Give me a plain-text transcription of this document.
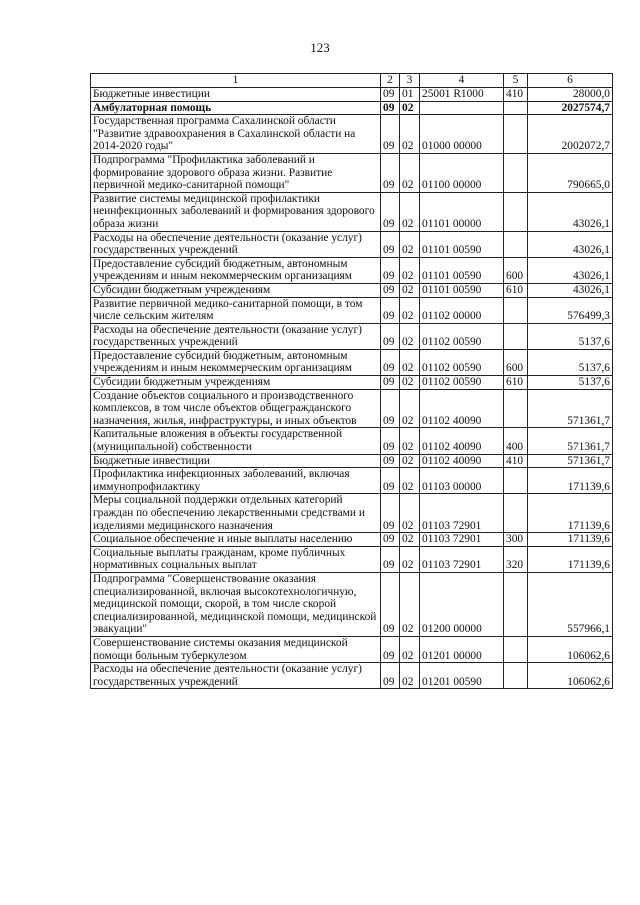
123
1	2	3	4	5	6
Бюджетные инвестиции	09	01	25001 R1000	410	28000,0
Амбулаторная помощь	09	02			2027574,7
Государственная программа Сахалинской области "Развитие здравоохранения в Сахалинской области на 2014-2020 годы"	09	02	01000 00000		2002072,7
Подпрограмма "Профилактика заболеваний и формирование здорового образа жизни. Развитие первичной медико-санитарной помощи"	09	02	01100 00000		790665,0
Развитие системы медицинской профилактики неинфекционных заболеваний и формирования здорового образа жизни	09	02	01101 00000		43026,1
Расходы на обеспечение деятельности (оказание услуг) государственных учреждений	09	02	01101 00590		43026,1
Предоставление субсидий бюджетным, автономным учреждениям и иным некоммерческим организациям	09	02	01101 00590	600	43026,1
Субсидии бюджетным учреждениям	09	02	01101 00590	610	43026,1
Развитие первичной медико-санитарной помощи, в том числе сельским жителям	09	02	01102 00000		576499,3
Расходы на обеспечение деятельности (оказание услуг) государственных учреждений	09	02	01102 00590		5137,6
Предоставление субсидий бюджетным, автономным учреждениям и иным некоммерческим организациям	09	02	01102 00590	600	5137,6
Субсидии бюджетным учреждениям	09	02	01102 00590	610	5137,6
Создание объектов социального и производственного комплексов, в том числе объектов общегражданского назначения, жилья, инфраструктуры, и иных объектов	09	02	01102 40090		571361,7
Капитальные вложения в объекты государственной (муниципальной) собственности	09	02	01102 40090	400	571361,7
Бюджетные инвестиции	09	02	01102 40090	410	571361,7
Профилактика инфекционных заболеваний, включая иммунопрофилактику	09	02	01103 00000		171139,6
Меры социальной поддержки отдельных категорий граждан по обеспечению лекарственными средствами и изделиями медицинского назначения	09	02	01103 72901		171139,6
Социальное обеспечение и иные выплаты населению	09	02	01103 72901	300	171139,6
Социальные выплаты гражданам, кроме публичных нормативных социальных выплат	09	02	01103 72901	320	171139,6
Подпрограмма "Совершенствование оказания специализированной, включая высокотехнологичную, медицинской помощи, скорой, в том числе скорой специализированной, медицинской помощи, медицинской эвакуации"	09	02	01200 00000		557966,1
Совершенствование системы оказания медицинской помощи больным туберкулезом	09	02	01201 00000		106062,6
Расходы на обеспечение деятельности (оказание услуг) государственных учреждений	09	02	01201 00590		106062,6
